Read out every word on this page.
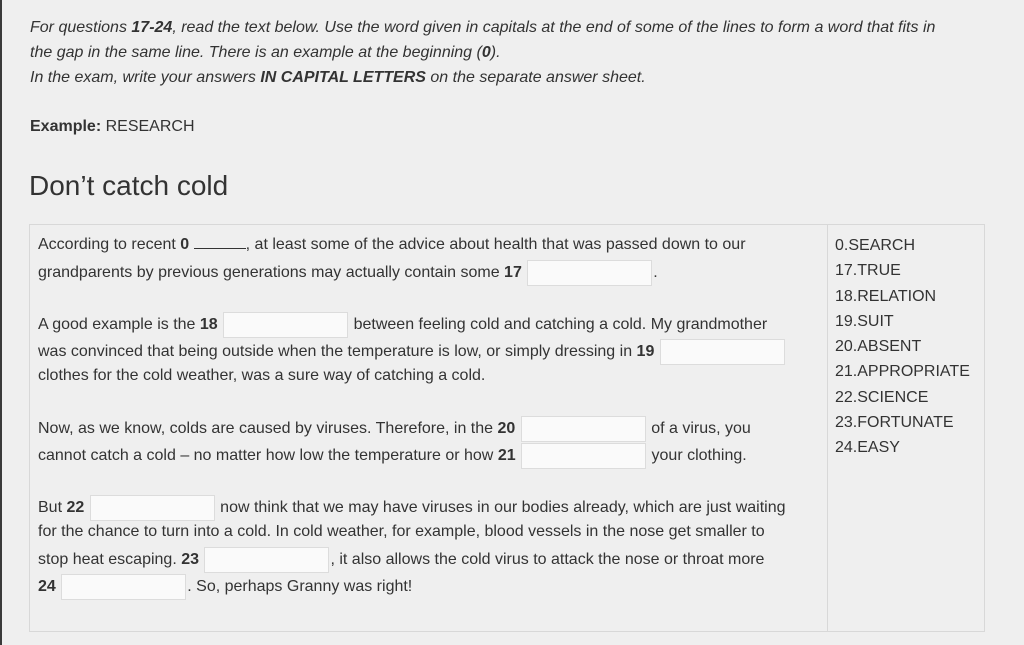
For questions 17-24, read the text below. Use the word given in capitals at the end of some of the lines to form a word that fits in
the gap in the same line. There is an example at the beginning (0).
In the exam, write your answers IN CAPITAL LETTERS on the separate answer sheet.
Example: RESEARCH
Don’t catch cold
According to recent 0	, at least some of the advice about health that was passed down to our
grandparents by previous generations may actually contain some 17	.
A good example is the 18	between feeling cold and catching a cold. My grandmother
was convinced that being outside when the temperature is low, or simply dressing in 19
clothes for the cold weather, was a sure way of catching a cold.
Now, as we know, colds are caused by viruses. Therefore, in the 20	of a virus, you
cannot catch a cold – no matter how low the temperature or how 21	your clothing.
But 22	now think that we may have viruses in our bodies already, which are just waiting
for the chance to turn into a cold. In cold weather, for example, blood vessels in the nose get smaller to
stop heat escaping. 23	, it also allows the cold virus to attack the nose or throat more
24	. So, perhaps Granny was right!
0.SEARCH
17.TRUE
18.RELATION
19.SUIT
20.ABSENT
21.APPROPRIATE
22.SCIENCE
23.FORTUNATE
24.EASY
